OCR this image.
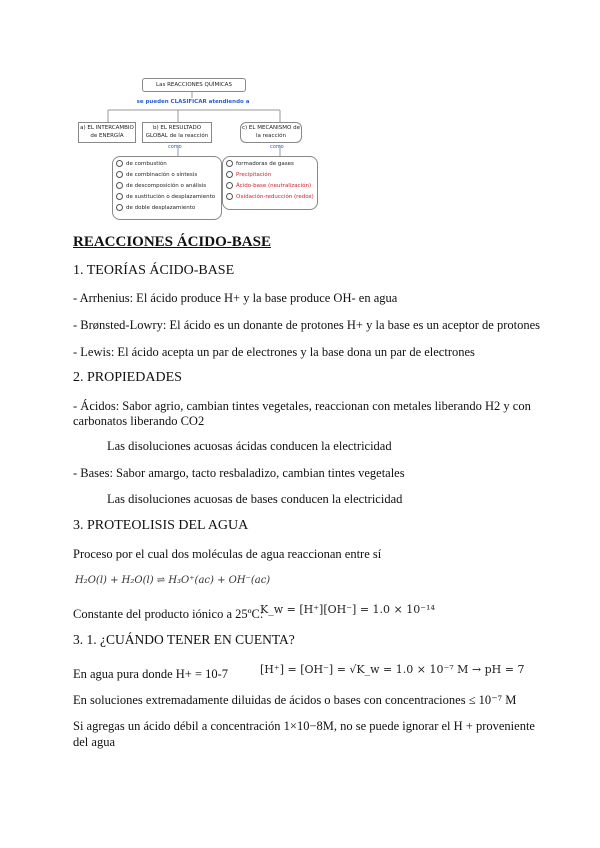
Las REACCIONES QUÍMICAS
se pueden CLASIFICAR atendiendo a
a) EL INTERCAMBIO de ENERGÍA
b) EL RESULTADO GLOBAL de la reacción
c) EL MECANISMO de la reacción
como	como
de combustión
de combinación o síntesis
de descomposición o análisis
de sustitución o desplazamiento
de doble desplazamiento
formadoras de gases
Precipitación
Ácido-base (neutralización)
Oxidación-reducción (redox)
REACCIONES ÁCIDO-BASE
1. TEORÍAS ÁCIDO-BASE
- Arrhenius: El ácido produce H+ y la base produce OH- en agua
- Brønsted-Lowry: El ácido es un donante de protones H+ y la base es un aceptor de protones
- Lewis: El ácido acepta un par de electrones y la base dona un par de electrones
2. PROPIEDADES
- Ácidos: Sabor agrio, cambian tintes vegetales, reaccionan con metales liberando H2 y con
carbonatos liberando CO2
Las disoluciones acuosas ácidas conducen la electricidad
- Bases: Sabor amargo, tacto resbaladizo, cambian tintes vegetales
Las disoluciones acuosas de bases conducen la electricidad
3. PROTEOLISIS DEL AGUA
Proceso por el cual dos moléculas de agua reaccionan entre sí
H₂O(l) + H₂O(l) ⇌ H₃O⁺(ac) + OH⁻(ac)
Constante del producto iónico a 25ºC:
K_w = [H⁺][OH⁻] = 1.0 × 10⁻¹⁴
3. 1. ¿CUÁNDO TENER EN CUENTA?
En agua pura donde H+ = 10-7	[H⁺] = [OH⁻] = √K_w = 1.0 × 10⁻⁷ M → pH = 7
En soluciones extremadamente diluidas de ácidos o bases con concentraciones ≤ 10⁻⁷ M
Si agregas un ácido débil a concentración 1×10−8M, no se puede ignorar el H + proveniente
del agua
